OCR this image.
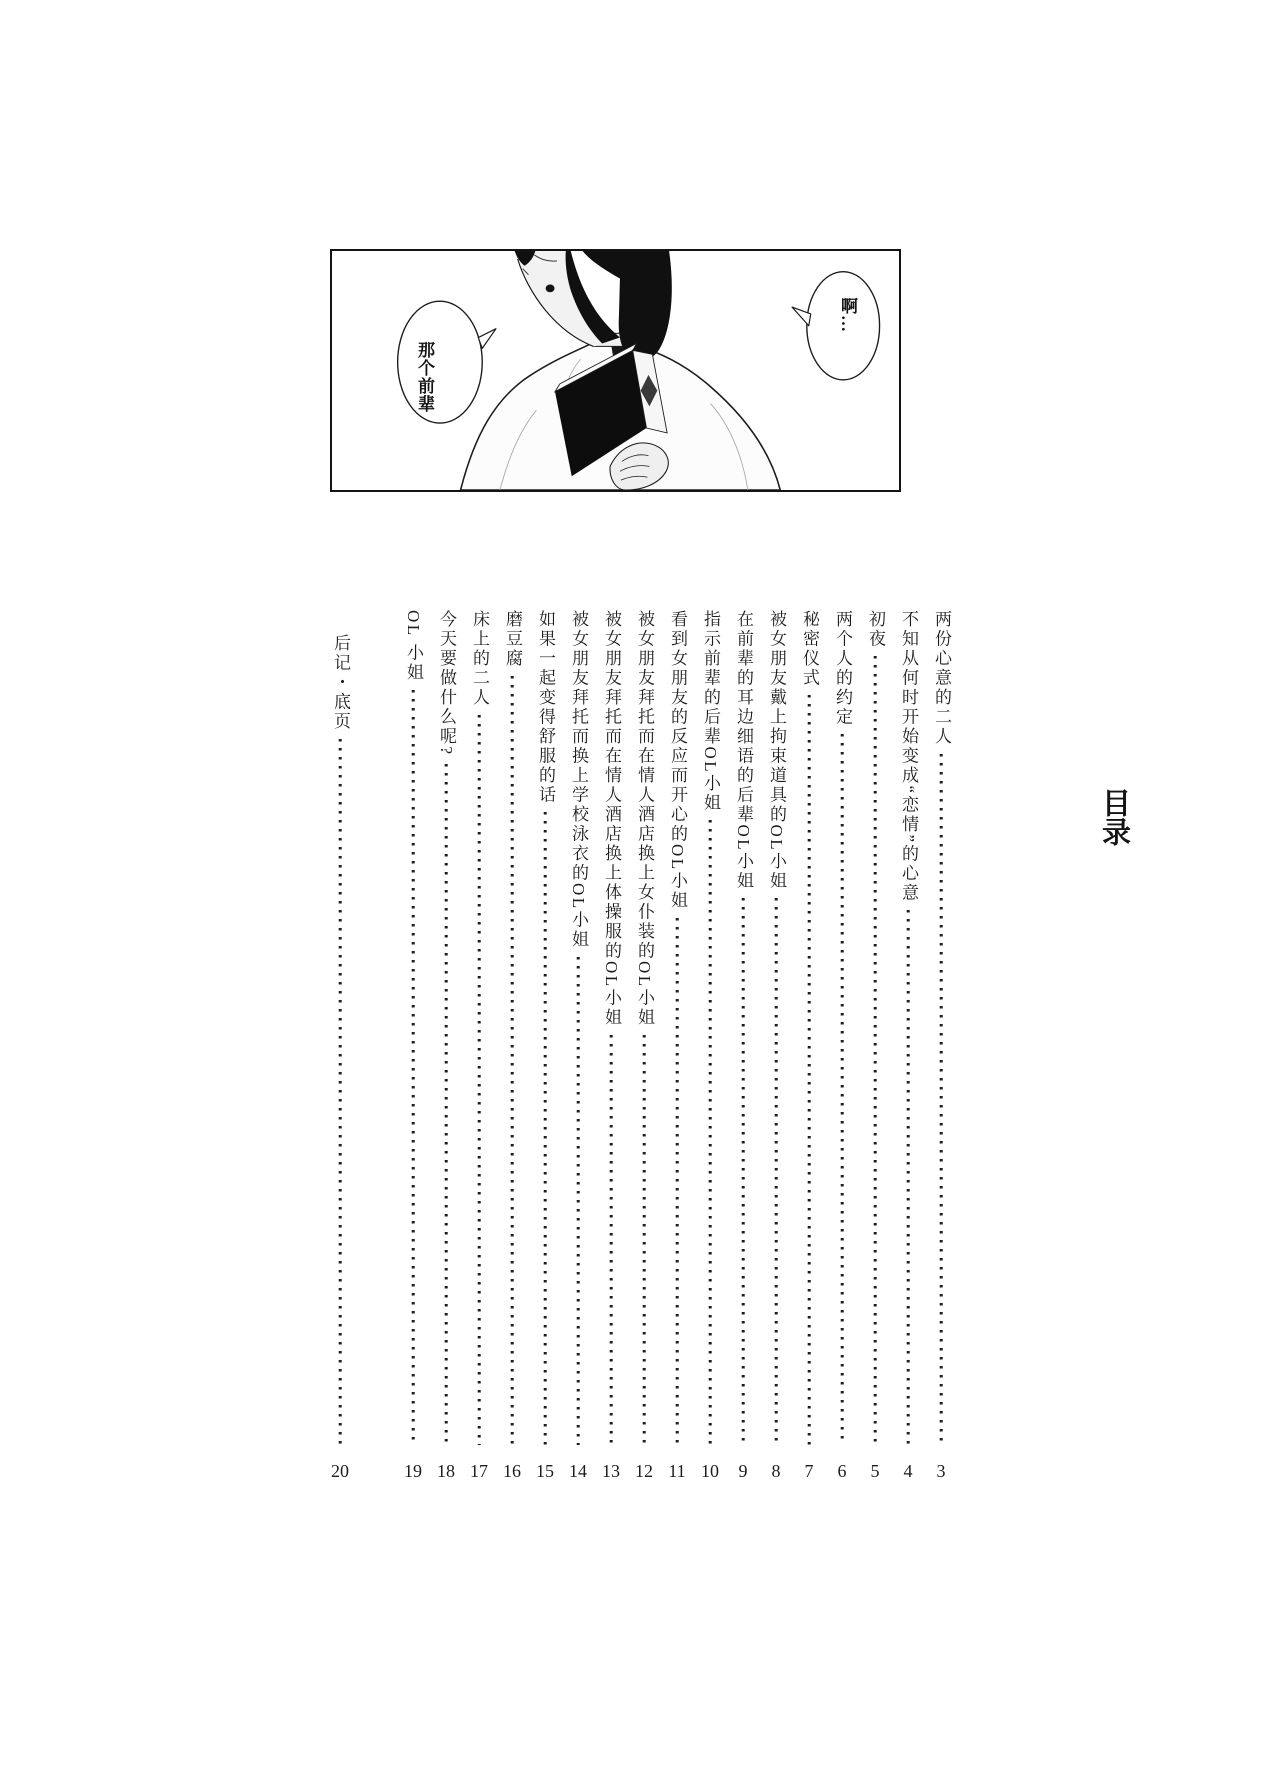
那个前辈
啊…
目录
两份心意的二人
3
不知从何时开始变成“恋情”的心意
4
初夜
5
两个人的约定
6
秘密仪式
7
被女朋友戴上拘束道具的OL小姐
8
在前辈的耳边细语的后辈OL小姐
9
指示前辈的后辈OL小姐
10
看到女朋友的反应而开心的OL小姐
11
被女朋友拜托而在情人酒店换上女仆装的OL小姐
12
被女朋友拜托而在情人酒店换上体操服的OL小姐
13
被女朋友拜托而换上学校泳衣的OL小姐
14
如果一起变得舒服的话
15
磨豆腐
16
床上的二人
17
今天要做什么呢?
18
OL 小姐
19
后记・底页
20
